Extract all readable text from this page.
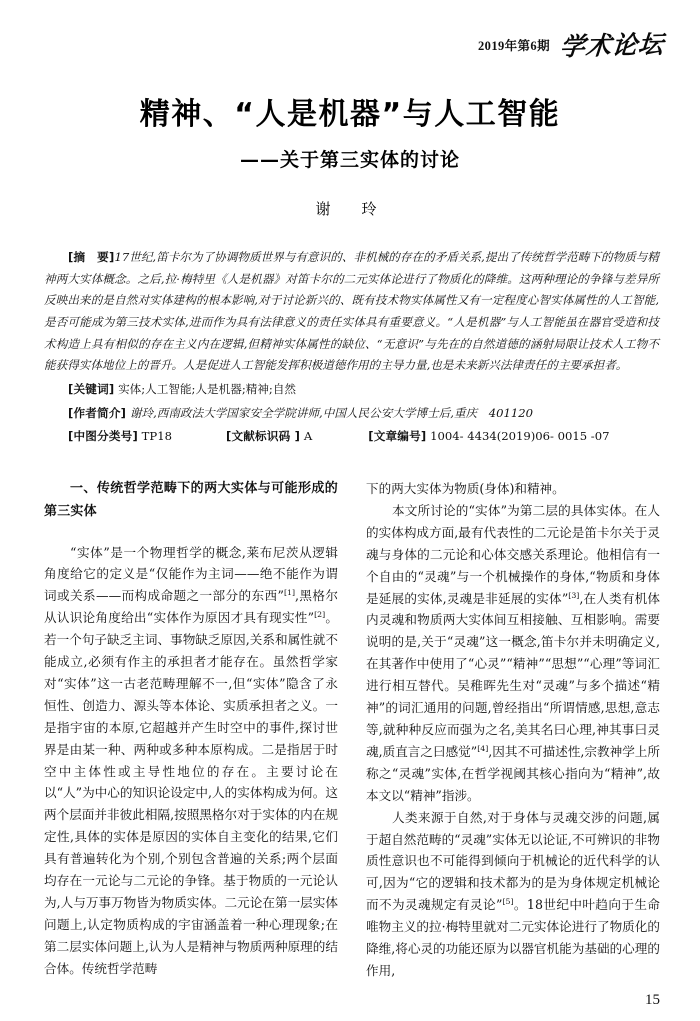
2019年第6期 学术论坛
精神、“人是机器”与人工智能
——关于第三实体的讨论
谢　玲

[摘　要]17世纪,笛卡尔为了协调物质世界与有意识的、非机械的存在的矛盾关系,提出了传统哲学范畴下的物质与精神两大实体概念。之后,拉·梅特里《人是机器》对笛卡尔的二元实体论进行了物质化的降维。这两种理论的争锋与差异所反映出来的是自然对实体建构的根本影响,对于讨论新兴的、既有技术物实体属性又有一定程度心智实体属性的人工智能,是否可能成为第三技术实体,进而作为具有法律意义的责任实体具有重要意义。“人是机器”与人工智能虽在器官受造和技术构造上具有相似的存在主义内在逻辑,但精神实体属性的缺位、“无意识”与先在的自然道德的涵射局限让技术人工物不能获得实体地位上的晋升。人是促进人工智能发挥积极道德作用的主导力量,也是未来新兴法律责任的主要承担者。

[关键词] 实体;人工智能;人是机器;精神;自然

[作者简介] 谢玲,西南政法大学国家安全学院讲师,中国人民公安大学博士后,重庆　401120

[中图分类号] TP18	[文献标识码 ] A	[文章编号] 1004- 4434(2019)06- 0015 -07

一、传统哲学范畴下的两大实体与可能形成的第三实体

“实体”是一个物理哲学的概念,莱布尼茨从逻辑角度给它的定义是“仅能作为主词——绝不能作为谓词或关系——而构成命题之一部分的东西”[1],黑格尔从认识论角度给出“实体作为原因才具有现实性”[2]。若一个句子缺乏主词、事物缺乏原因,关系和属性就不能成立,必须有作主的承担者才能存在。虽然哲学家对“实体”这一古老范畴理解不一,但“实体”隐含了永恒性、创造力、源头等本体论、实质承担者之义。一是指宇宙的本原,它超越并产生时空中的事件,探讨世界是由某一种、两种或多种本原构成。二是指居于时空中主体性或主导性地位的存在。主要讨论在以“人”为中心的知识论设定中,人的实体构成为何。这两个层面并非彼此相隔,按照黑格尔对于实体的内在规定性,具体的实体是原因的实体自主变化的结果,它们具有普遍转化为个别,个别包含普遍的关系;两个层面均存在一元论与二元论的争锋。基于物质的一元论认为,人与万事万物皆为物质实体。二元论在第一层实体问题上,认定物质构成的宇宙涵盖着一种心理现象;在第二层实体问题上,认为人是精神与物质两种原理的结合体。传统哲学范畴

下的两大实体为物质(身体)和精神。

本文所讨论的“实体”为第二层的具体实体。在人的实体构成方面,最有代表性的二元论是笛卡尔关于灵魂与身体的二元论和心体交感关系理论。他相信有一个自由的“灵魂”与一个机械操作的身体,“物质和身体是延展的实体,灵魂是非延展的实体”[3],在人类有机体内灵魂和物质两大实体间互相接触、互相影响。需要说明的是,关于“灵魂”这一概念,笛卡尔并未明确定义,在其著作中使用了“心灵”“精神”“思想”“心理”等词汇进行相互替代。吴稚晖先生对“灵魂”与多个描述“精神”的词汇通用的问题,曾经指出“所谓情感,思想,意志等,就种种反应而强为之名,美其名曰心理,神其事曰灵魂,质直言之曰感觉”[4],因其不可描述性,宗教神学上所称之“灵魂”实体,在哲学视阈其核心指向为“精神”,故本文以“精神”指涉。

人类来源于自然,对于身体与灵魂交涉的问题,属于超自然范畴的“灵魂”实体无以论证,不可辨识的非物质性意识也不可能得到倾向于机械论的近代科学的认可,因为“它的逻辑和技术都为的是为身体规定机械论而不为灵魂规定有灵论”[5]。18世纪中叶趋向于生命唯物主义的拉·梅特里就对二元实体论进行了物质化的降维,将心灵的功能还原为以器官机能为基础的心理的作用,

15
